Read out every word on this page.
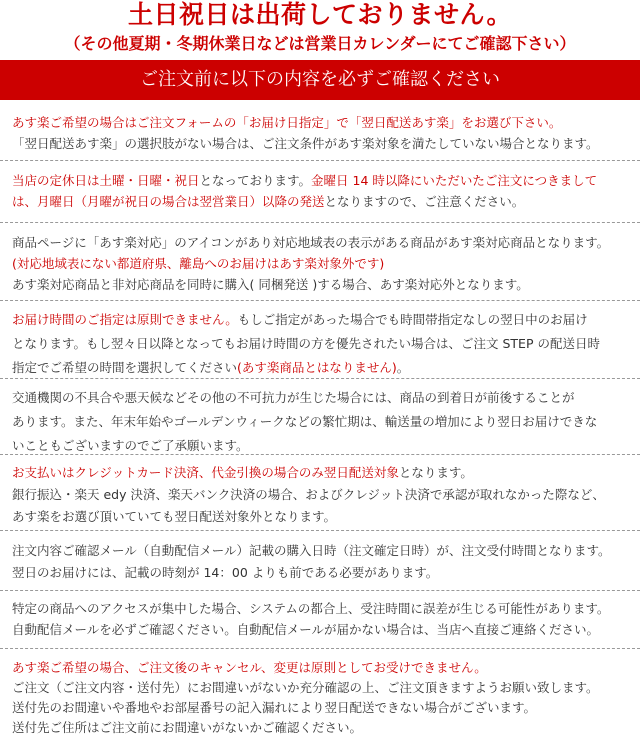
土日祝日は出荷しておりません。
（その他夏期・冬期休業日などは営業日カレンダーにてご確認下さい）
ご注文前に以下の内容を必ずご確認ください
あす楽ご希望の場合はご注文フォームの「お届け日指定」で「翌日配送あす楽」をお選び下さい。
「翌日配送あす楽」の選択肢がない場合は、ご注文条件があす楽対象を満たしていない場合となります。
当店の定休日は土曜・日曜・祝日となっております。金曜日 14 時以降にいただいたご注文につきまして
は、月曜日（月曜が祝日の場合は翌営業日）以降の発送となりますので、ご注意ください。
商品ページに「あす楽対応」のアイコンがあり対応地域表の表示がある商品があす楽対応商品となります。
(対応地域表にない都道府県、離島へのお届けはあす楽対象外です)
あす楽対応商品と非対応商品を同時に購入( 同梱発送 )する場合、あす楽対応外となります。
お届け時間のご指定は原則できません。もしご指定があった場合でも時間帯指定なしの翌日中のお届け
となります。もし翌々日以降となってもお届け時間の方を優先されたい場合は、ご注文 STEP の配送日時
指定でご希望の時間を選択してください(あす楽商品とはなりません)。
交通機関の不具合や悪天候などその他の不可抗力が生じた場合には、商品の到着日が前後することが
あります。また、年末年始やゴールデンウィークなどの繁忙期は、輸送量の増加により翌日お届けできな
いこともございますのでご了承願います。
お支払いはクレジットカード決済、代金引換の場合のみ翌日配送対象となります。
銀行振込・楽天 edy 決済、楽天バンク決済の場合、およびクレジット決済で承認が取れなかった際など、
あす楽をお選び頂いていても翌日配送対象外となります。
注文内容ご確認メール（自動配信メール）記載の購入日時（注文確定日時）が、注文受付時間となります。
翌日のお届けには、記載の時刻が 14：00 よりも前である必要があります。
特定の商品へのアクセスが集中した場合、システムの都合上、受注時間に誤差が生じる可能性があります。
自動配信メールを必ずご確認ください。自動配信メールが届かない場合は、当店へ直接ご連絡ください。
あす楽ご希望の場合、ご注文後のキャンセル、変更は原則としてお受けできません。
ご注文（ご注文内容・送付先）にお間違いがないか充分確認の上、ご注文頂きますようお願い致します。
送付先のお間違いや番地やお部屋番号の記入漏れにより翌日配送できない場合がございます。
送付先ご住所はご注文前にお間違いがないかご確認ください。
